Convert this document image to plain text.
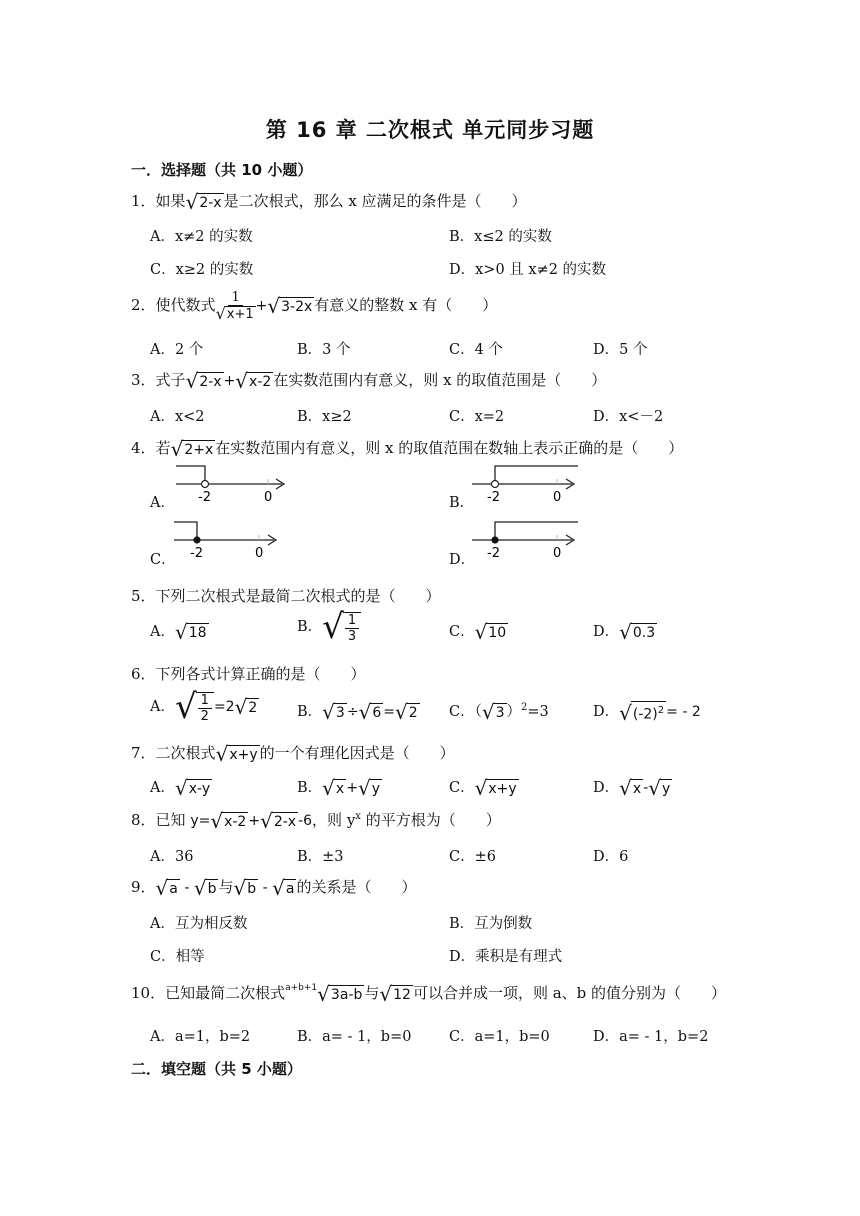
第 16 章 二次根式 单元同步习题
一．选择题（共 10 小题）
1．如果 √ 2-x 是二次根式，那么 x 应满足的条件是（　　）
A．x≠2 的实数	B．x≤2 的实数
C．x≥2 的实数	D．x>0 且 x≠2 的实数
2．使代数式 $\frac{1}{√ x+1}$ + √ 3-2x 有意义的整数 x 有（　　）
A．2 个	B．3 个	C．4 个	D．5 个
3．式子 √ 2-x + √ x-2 在实数范围内有意义，则 x 的取值范围是（　　）
A．x<2	B．x≥2	C．x=2	D．x<－2
4．若 √ 2+x 在实数范围内有意义，则 x 的取值范围在数轴上表示正确的是（　　）
A． -2	0	B． -2	0
C． -2	0	D． -2	0
5．下列二次根式是最简二次根式的是（　　）
A． √ 18	B． √ $\frac{1}{3}$	C． √ 10	D． √ 0.3
6．下列各式计算正确的是（　　）
A． √ $\frac{1}{2} =2$ √ 2	B． √ 3 ÷ √ 6 = √ 2 C．（ √ 3 ）$^2$=3	D． √ $(-2)^2$ = - 2
7．二次根式 √ x+y 的一个有理化因式是（　　）
A． √ x-y	B． √ x + √ y	C． √ x+y	D． √ x - √ y
8．已知 y= √ x-2 + √ 2-x -6，则 $y^x$ 的平方根为（　　）
A．36	B．±3	C．±6	D．6
9． √ a - √ b 与 √ b - √ a 的关系是（　　）
A．互为相反数	B．互为倒数
C．相等	D．乘积是有理式
10．已知最简二次根式$^{a+b+1}$ √ 3a-b 与 √ 12 可以合并成一项，则 a、b 的值分别为（　　）
A．a=1，b=2	B．a= - 1，b=0	C．a=1，b=0	D．a= - 1，b=2
二．填空题（共 5 小题）
